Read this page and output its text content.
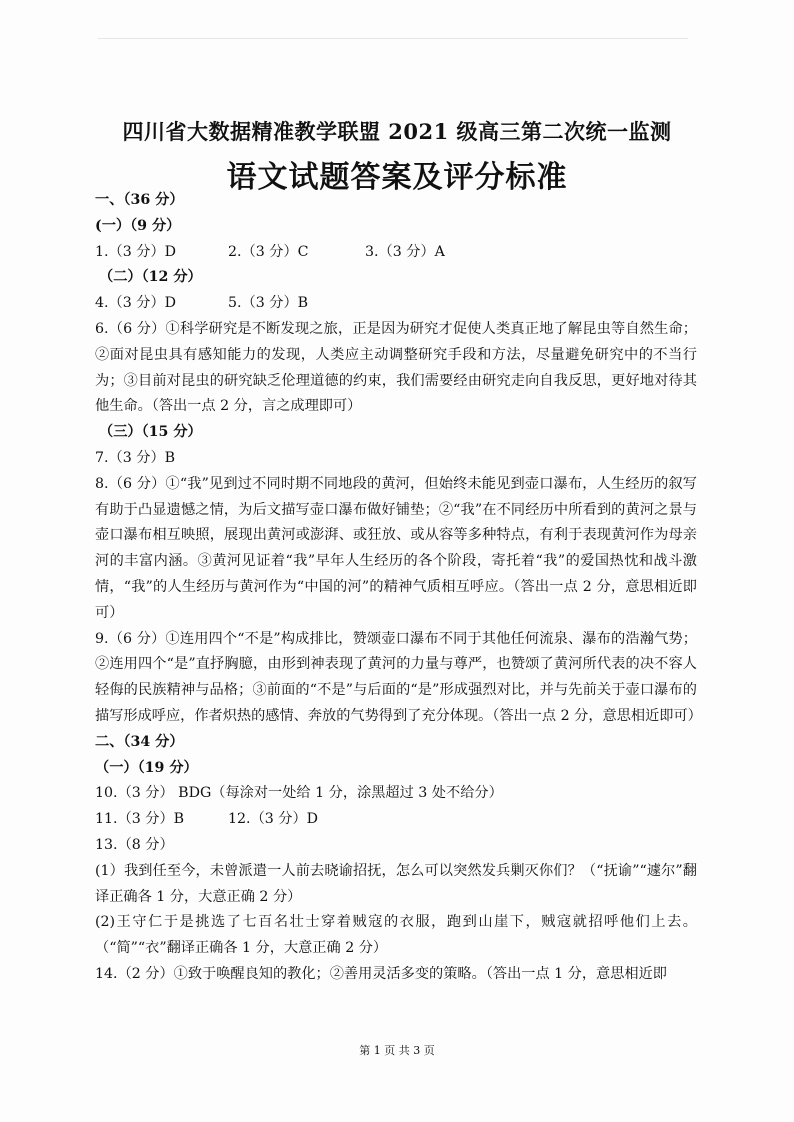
四川省大数据精准教学联盟 2021 级高三第二次统一监测
语文试题答案及评分标准
一、（36 分）
(一）（9 分）
1.（3 分）D	2.（3 分）C	3.（3 分）A
（二）（12 分）
4.（3 分）D	5.（3 分）B
6.（6 分）①科学研究是不断发现之旅，正是因为研究才促使人类真正地了解昆虫等自然生命；②面对昆虫具有感知能力的发现，人类应主动调整研究手段和方法，尽量避免研究中的不当行为；③目前对昆虫的研究缺乏伦理道德的约束，我们需要经由研究走向自我反思，更好地对待其他生命。（答出一点 2 分，言之成理即可）
（三）（15 分）
7.（3 分）B
8.（6 分）①“我”见到过不同时期不同地段的黄河，但始终未能见到壶口瀑布，人生经历的叙写有助于凸显遗憾之情，为后文描写壶口瀑布做好铺垫；②“我”在不同经历中所看到的黄河之景与壶口瀑布相互映照，展现出黄河或澎湃、或狂放、或从容等多种特点，有利于表现黄河作为母亲河的丰富内涵。③黄河见证着“我”早年人生经历的各个阶段，寄托着“我”的爱国热忱和战斗激情，“我”的人生经历与黄河作为“中国的河”的精神气质相互呼应。（答出一点 2 分，意思相近即可）
9.（6 分）①连用四个“不是”构成排比，赞颂壶口瀑布不同于其他任何流泉、瀑布的浩瀚气势；②连用四个“是”直抒胸臆，由形到神表现了黄河的力量与尊严，也赞颂了黄河所代表的决不容人轻侮的民族精神与品格；③前面的“不是”与后面的“是”形成强烈对比，并与先前关于壶口瀑布的描写形成呼应，作者炽热的感情、奔放的气势得到了充分体现。（答出一点 2 分，意思相近即可）
二、（34 分）
（一）（19 分）
10.（3 分） BDG（每涂对一处给 1 分，涂黑超过 3 处不给分）
11.（3 分）B	12.（3 分）D
13.（8 分）
(1）我到任至今，未曾派遣一人前去晓谕招抚，怎么可以突然发兵剿灭你们？（“抚谕”“遽尔”翻译正确各 1 分，大意正确 2 分）
(2)王守仁于是挑选了七百名壮士穿着贼寇的衣服，跑到山崖下，贼寇就招呼他们上去。（“简”“衣”翻译正确各 1 分，大意正确 2 分）
14.（2 分）①致于唤醒良知的教化；②善用灵活多变的策略。（答出一点 1 分，意思相近即
第 1 页 共 3 页
